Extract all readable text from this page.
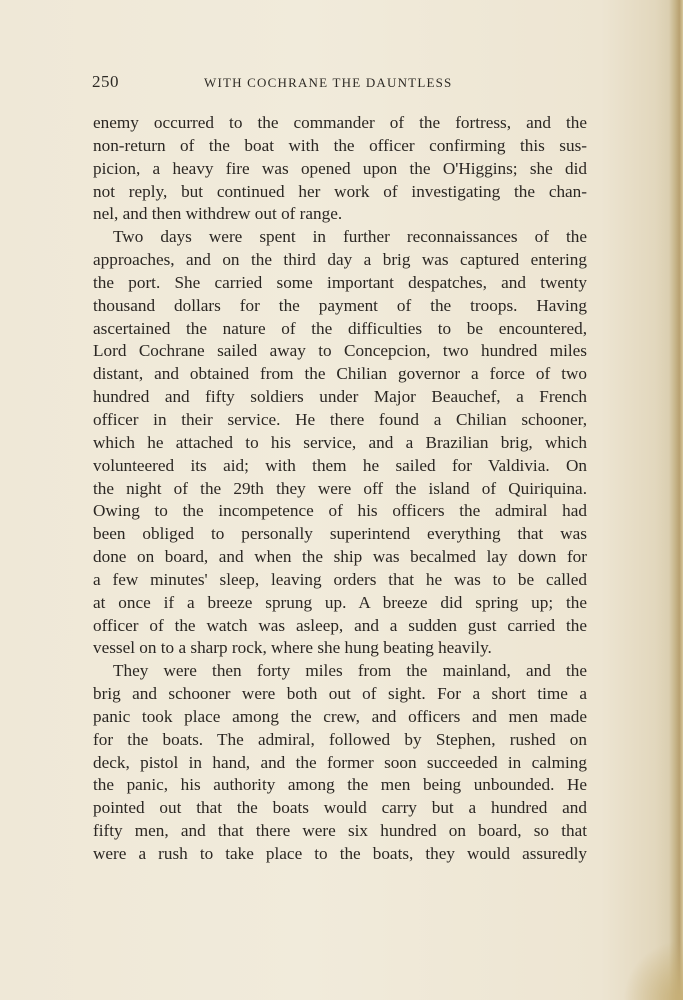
250	WITH COCHRANE THE DAUNTLESS
enemy occurred to the commander of the fortress, and the
non-return of the boat with the officer confirming this sus-
picion, a heavy fire was opened upon the O'Higgins; she did
not reply, but continued her work of investigating the chan-
nel, and then withdrew out of range.
Two days were spent in further reconnaissances of the
approaches, and on the third day a brig was captured entering
the port. She carried some important despatches, and twenty
thousand dollars for the payment of the troops. Having
ascertained the nature of the difficulties to be encountered,
Lord Cochrane sailed away to Concepcion, two hundred miles
distant, and obtained from the Chilian governor a force of two
hundred and fifty soldiers under Major Beauchef, a French
officer in their service. He there found a Chilian schooner,
which he attached to his service, and a Brazilian brig, which
volunteered its aid; with them he sailed for Valdivia. On
the night of the 29th they were off the island of Quiriquina.
Owing to the incompetence of his officers the admiral had
been obliged to personally superintend everything that was
done on board, and when the ship was becalmed lay down for
a few minutes' sleep, leaving orders that he was to be called
at once if a breeze sprung up. A breeze did spring up; the
officer of the watch was asleep, and a sudden gust carried the
vessel on to a sharp rock, where she hung beating heavily.
They were then forty miles from the mainland, and the
brig and schooner were both out of sight. For a short time a
panic took place among the crew, and officers and men made
for the boats. The admiral, followed by Stephen, rushed on
deck, pistol in hand, and the former soon succeeded in calming
the panic, his authority among the men being unbounded. He
pointed out that the boats would carry but a hundred and
fifty men, and that there were six hundred on board, so that
were a rush to take place to the boats, they would assuredly
